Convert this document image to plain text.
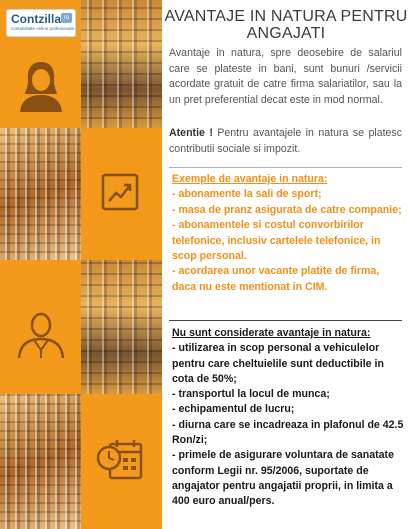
Contzilla ro
contabilitate online profesionala
AVANTAJE IN NATURA PENTRU ANGAJATI
Avantaje in natura, spre deosebire de salariul care se plateste in bani, sunt bunuri /servicii acordate gratuit de catre firma salariatilor, sau la un pret preferential decat este in mod normal.
Atentie ! Pentru avantajele in natura se platesc contributii sociale si impozit.
Exemple de avantaje in natura:
- abonamente la sali de sport;
- masa de pranz asigurata de catre companie;
- abonamentele si costul convorbirilor telefonice, inclusiv cartelele telefonice, in scop personal.
- acordarea unor vacante platite de firma, daca nu este mentionat in CIM.
Nu sunt considerate avantaje in natura:
- utilizarea in scop personal a vehiculelor pentru care cheltuielile sunt deductibile in cota de 50%;
- transportul la locul de munca;
- echipamentul de lucru;
- diurna care se incadreaza in plafonul de 42.5 Ron/zi;
- primele de asigurare voluntara de sanatate conform Legii nr. 95/2006, suportate de angajator pentru angajatii proprii, in limita a 400 euro anual/pers.
